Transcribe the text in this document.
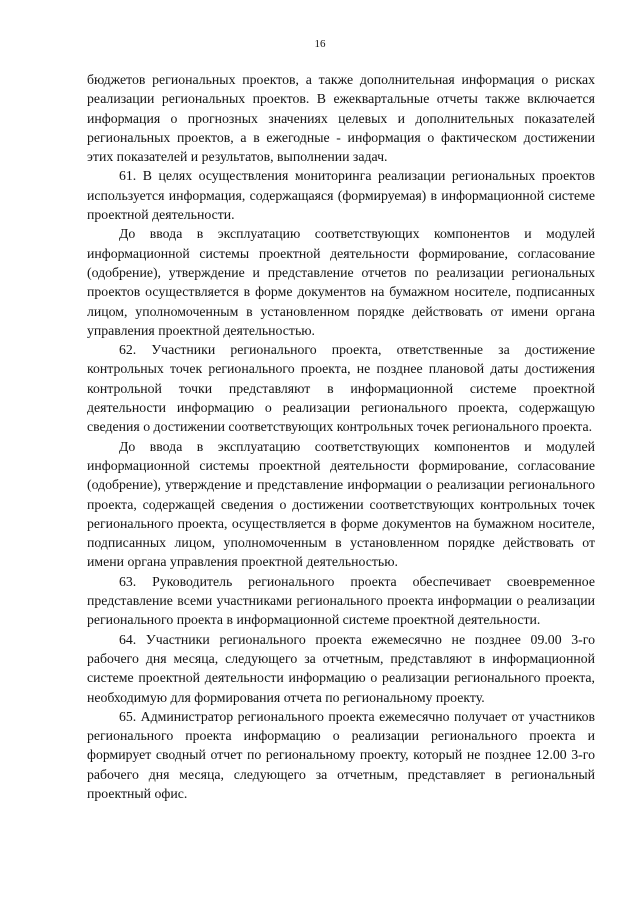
16

бюджетов региональных проектов, а также дополнительная информация о рисках реализации региональных проектов. В ежеквартальные отчеты также включается информация о прогнозных значениях целевых и дополнительных показателей региональных проектов, а в ежегодные - информация о фактическом достижении этих показателей и результатов, выполнении задач.

61. В целях осуществления мониторинга реализации региональных проектов используется информация, содержащаяся (формируемая) в информационной системе проектной деятельности.

До ввода в эксплуатацию соответствующих компонентов и модулей информационной системы проектной деятельности формирование, согласование (одобрение), утверждение и представление отчетов по реализации региональных проектов осуществляется в форме документов на бумажном носителе, подписанных лицом, уполномоченным в установленном порядке действовать от имени органа управления проектной деятельностью.

62. Участники регионального проекта, ответственные за достижение контрольных точек регионального проекта, не позднее плановой даты достижения контрольной точки представляют в информационной системе проектной деятельности информацию о реализации регионального проекта, содержащую сведения о достижении соответствующих контрольных точек регионального проекта.

До ввода в эксплуатацию соответствующих компонентов и модулей информационной системы проектной деятельности формирование, согласование (одобрение), утверждение и представление информации о реализации регионального проекта, содержащей сведения о достижении соответствующих контрольных точек регионального проекта, осуществляется в форме документов на бумажном носителе, подписанных лицом, уполномоченным в установленном порядке действовать от имени органа управления проектной деятельностью.

63. Руководитель регионального проекта обеспечивает своевременное представление всеми участниками регионального проекта информации о реализации регионального проекта в информационной системе проектной деятельности.

64. Участники регионального проекта ежемесячно не позднее 09.00 3-го рабочего дня месяца, следующего за отчетным, представляют в информационной системе проектной деятельности информацию о реализации регионального проекта, необходимую для формирования отчета по региональному проекту.

65. Администратор регионального проекта ежемесячно получает от участников регионального проекта информацию о реализации регионального проекта и формирует сводный отчет по региональному проекту, который не позднее 12.00 3-го рабочего дня месяца, следующего за отчетным, представляет в региональный проектный офис.
